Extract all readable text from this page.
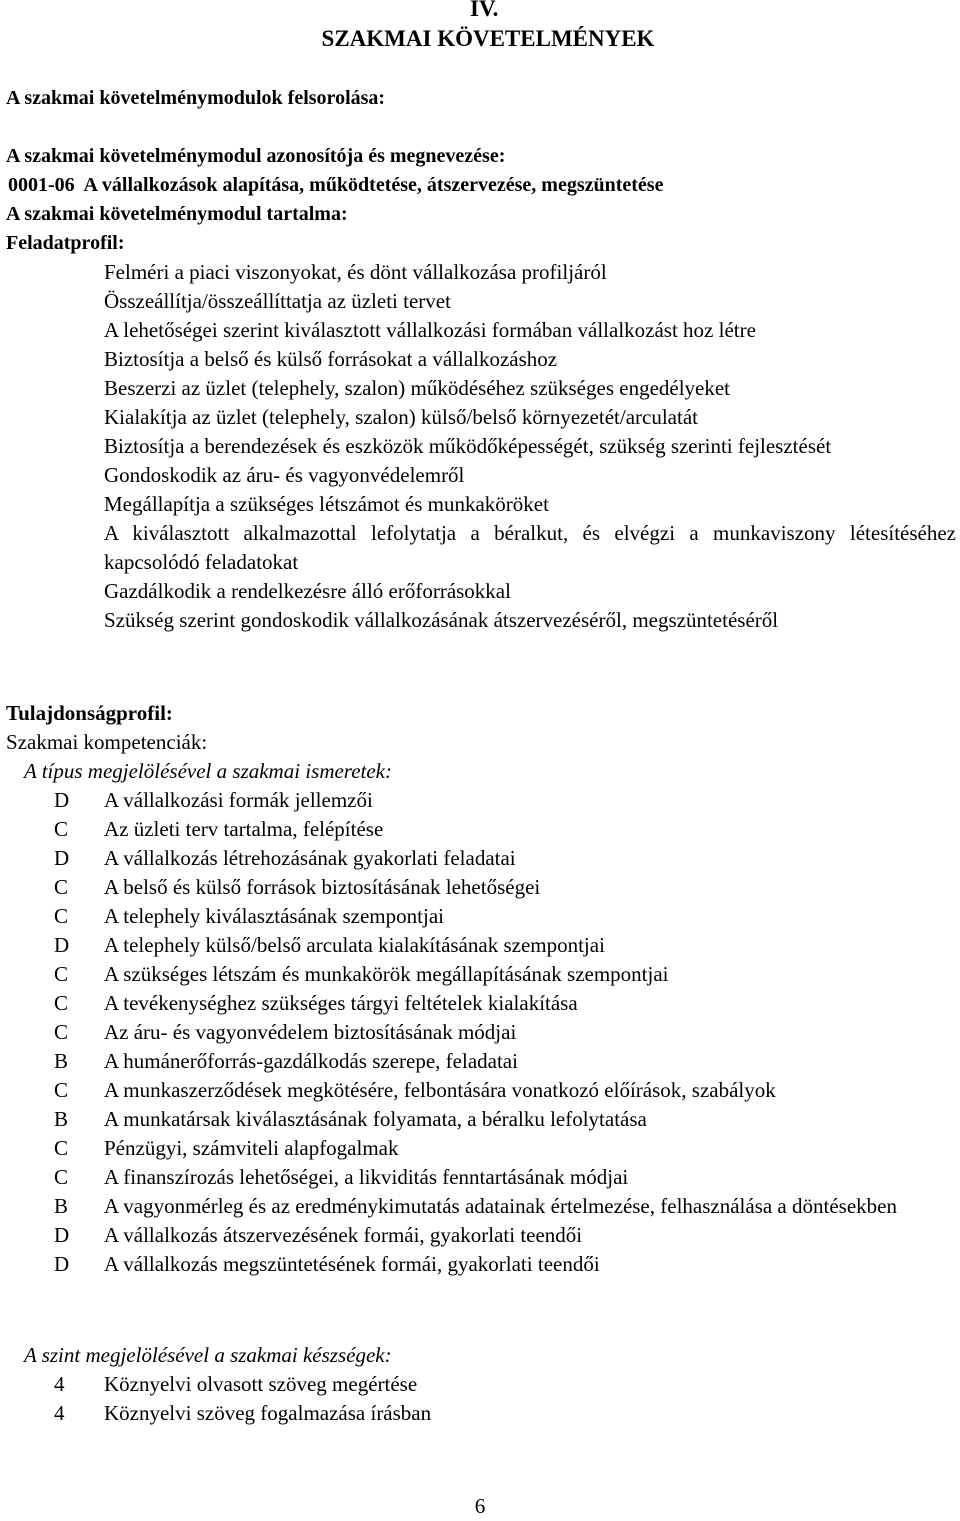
IV.
SZAKMAI KÖVETELMÉNYEK
A szakmai követelménymodulok felsorolása:
A szakmai követelménymodul azonosítója és megnevezése:
0001-06  A vállalkozások alapítása, működtetése, átszervezése, megszüntetése
A szakmai követelménymodul tartalma:
Feladatprofil:
Felméri a piaci viszonyokat, és dönt vállalkozása profiljáról
Összeállítja/összeállíttatja az üzleti tervet
A lehetőségei szerint kiválasztott vállalkozási formában vállalkozást hoz létre
Biztosítja a belső és külső forrásokat a vállalkozáshoz
Beszerzi az üzlet (telephely, szalon) működéséhez szükséges engedélyeket
Kialakítja az üzlet (telephely, szalon) külső/belső környezetét/arculatát
Biztosítja a berendezések és eszközök működőképességét, szükség szerinti fejlesztését
Gondoskodik az áru- és vagyonvédelemről
Megállapítja a szükséges létszámot és munkaköröket
A kiválasztott alkalmazottal lefolytatja a béralkut, és elvégzi a munkaviszony létesítéséhez kapcsolódó feladatokat
Gazdálkodik a rendelkezésre álló erőforrásokkal
Szükség szerint gondoskodik vállalkozásának átszervezéséről, megszüntetéséről
Tulajdonságprofil:
Szakmai kompetenciák:
A típus megjelölésével a szakmai ismeretek:
D	A vállalkozási formák jellemzői
C	Az üzleti terv tartalma, felépítése
D	A vállalkozás létrehozásának gyakorlati feladatai
C	A belső és külső források biztosításának lehetőségei
C	A telephely kiválasztásának szempontjai
D	A telephely külső/belső arculata kialakításának szempontjai
C	A szükséges létszám és munkakörök megállapításának szempontjai
C	A tevékenységhez szükséges tárgyi feltételek kialakítása
C	Az áru- és vagyonvédelem biztosításának módjai
B	A humánerőforrás-gazdálkodás szerepe, feladatai
C	A munkaszerződések megkötésére, felbontására vonatkozó előírások, szabályok
B	A munkatársak kiválasztásának folyamata, a béralku lefolytatása
C	Pénzügyi, számviteli alapfogalmak
C	A finanszírozás lehetőségei, a likviditás fenntartásának módjai
B	A vagyonmérleg és az eredménykimutatás adatainak értelmezése, felhasználása a döntésekben
D	A vállalkozás átszervezésének formái, gyakorlati teendői
D	A vállalkozás megszüntetésének formái, gyakorlati teendői
A szint megjelölésével a szakmai készségek:
4	Köznyelvi olvasott szöveg megértése
4	Köznyelvi szöveg fogalmazása írásban
6
